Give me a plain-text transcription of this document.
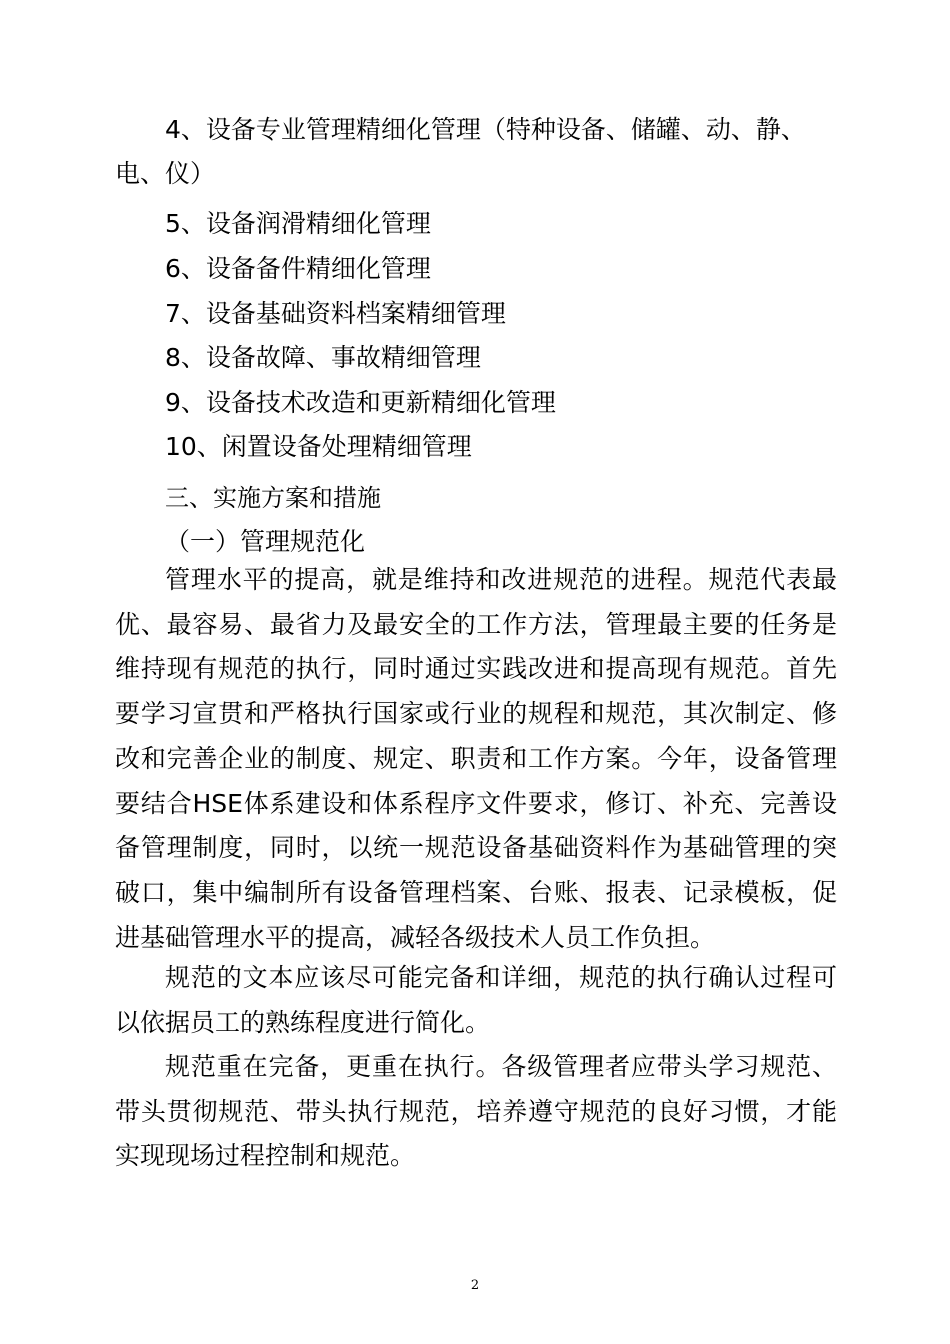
4、设备专业管理精细化管理（特种设备、储罐、动、静、电、仪）

5、设备润滑精细化管理
6、设备备件精细化管理
7、设备基础资料档案精细管理
8、设备故障、事故精细管理
9、设备技术改造和更新精细化管理
10、闲置设备处理精细管理
三、实施方案和措施
（一）管理规范化

管理水平的提高，就是维持和改进规范的进程。规范代表最优、最容易、最省力及最安全的工作方法，管理最主要的任务是维持现有规范的执行，同时通过实践改进和提高现有规范。首先要学习宣贯和严格执行国家或行业的规程和规范，其次制定、修改和完善企业的制度、规定、职责和工作方案。今年，设备管理要结合HSE体系建设和体系程序文件要求，修订、补充、完善设备管理制度，同时，以统一规范设备基础资料作为基础管理的突破口，集中编制所有设备管理档案、台账、报表、记录模板，促进基础管理水平的提高，减轻各级技术人员工作负担。

规范的文本应该尽可能完备和详细，规范的执行确认过程可以依据员工的熟练程度进行简化。

规范重在完备，更重在执行。各级管理者应带头学习规范、带头贯彻规范、带头执行规范，培养遵守规范的良好习惯，才能实现现场过程控制和规范。

2
